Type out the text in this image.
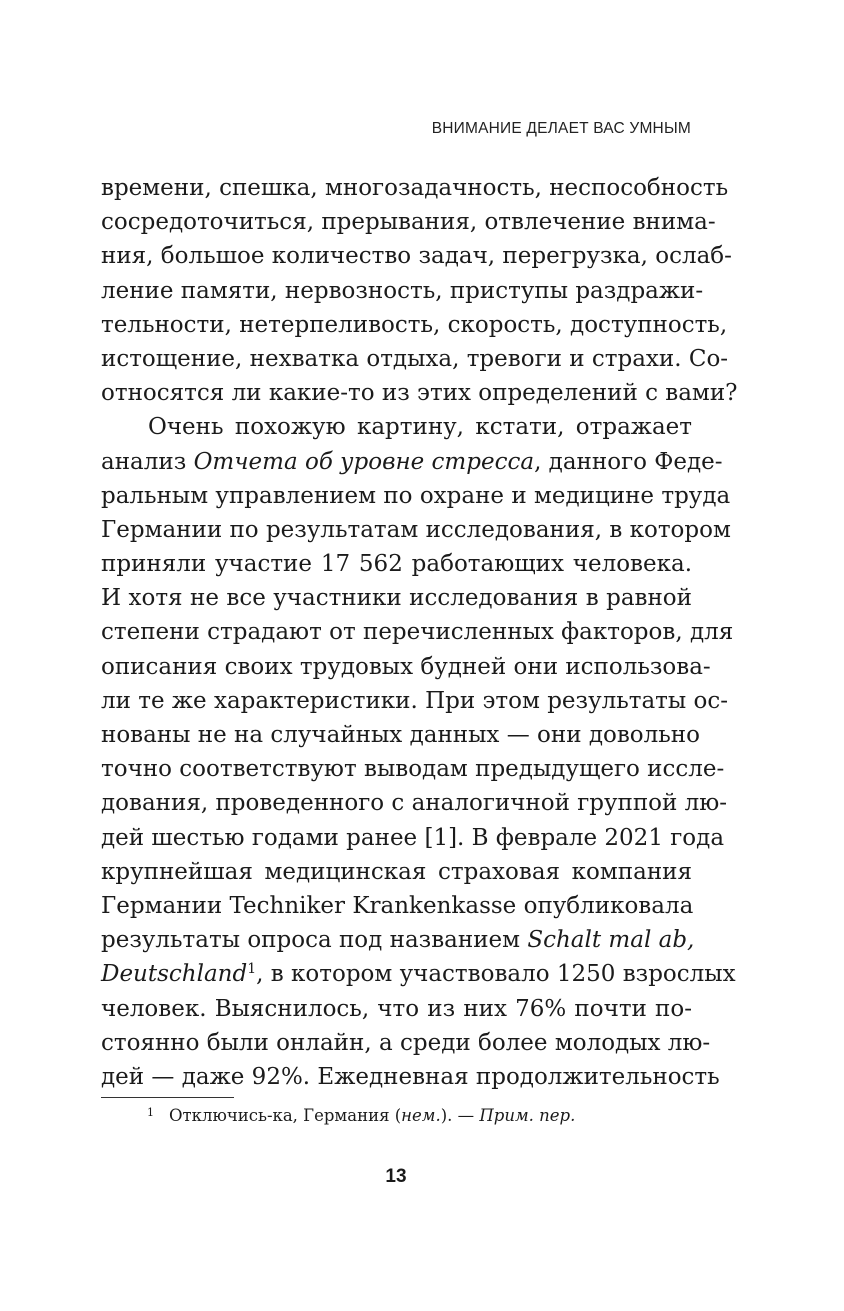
ВНИМАНИЕ ДЕЛАЕТ ВАС УМНЫМ
времени, спешка, многозадачность, неспособность
сосредоточиться, прерывания, отвлечение внима-
ния, большое количество задач, перегрузка, ослаб-
ление памяти, нервозность, приступы раздражи-
тельности, нетерпеливость, скорость, доступность,
истощение, нехватка отдыха, тревоги и страхи. Со-
относятся ли какие-то из этих определений с вами?
Очень похожую картину, кстати, отражает
анализ Отчета об уровне стресса, данного Феде-
ральным управлением по охране и медицине труда
Германии по результатам исследования, в котором
приняли участие 17 562 работающих человека.
И хотя не все участники исследования в равной
степени страдают от перечисленных факторов, для
описания своих трудовых будней они использова-
ли те же характеристики. При этом результаты ос-
нованы не на случайных данных — они довольно
точно соответствуют выводам предыдущего иссле-
дования, проведенного с аналогичной группой лю-
дей шестью годами ранее [1]. В феврале 2021 года
крупнейшая медицинская страховая компания
Германии Techniker Krankenkasse опубликовала
результаты опроса под названием Schalt mal ab,
Deutschland$^1$, в котором участвовало 1250 взрослых
человек. Выяснилось, что из них 76% почти по-
стоянно были онлайн, а среди более молодых лю-
дей — даже 92%. Ежедневная продолжительность
$^1$ Отключись-ка, Германия (нем.). — Прим. пер.
13
